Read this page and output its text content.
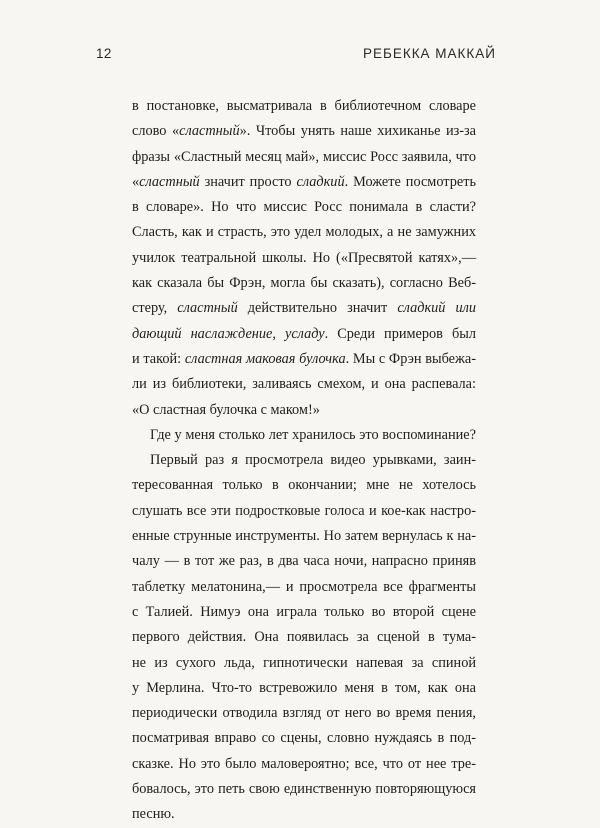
12	РЕБЕККА МАККАЙ
в постановке, высматривала в библиотечном словаре
слово «сластный». Чтобы унять наше хихиканье из-за
фразы «Сластный месяц май», миссис Росс заявила, что
«сластный значит просто сладкий. Можете посмотреть
в словаре». Но что миссис Росс понимала в сласти?
Сласть, как и страсть, это удел молодых, а не замужних
училок театральной школы. Но («Пресвятой катях»,—
как сказала бы Фрэн, могла бы сказать), согласно Веб-
стеру, сластный действительно значит сладкий или
дающий наслаждение, усладу. Среди примеров был
и такой: сластная маковая булочка. Мы с Фрэн выбежа-
ли из библиотеки, заливаясь смехом, и она распевала:
«О сластная булочка с маком!»
Где у меня столько лет хранилось это воспоминание?
Первый раз я просмотрела видео урывками, заин-
тересованная только в окончании; мне не хотелось
слушать все эти подростковые голоса и кое-как настро-
енные струнные инструменты. Но затем вернулась к на-
чалу — в тот же раз, в два часа ночи, напрасно приняв
таблетку мелатонина,— и просмотрела все фрагменты
с Талией. Нимуэ она играла только во второй сцене
первого действия. Она появилась за сценой в тума-
не из сухого льда, гипнотически напевая за спиной
у Мерлина. Что-то встревожило меня в том, как она
периодически отводила взгляд от него во время пения,
посматривая вправо со сцены, словно нуждаясь в под-
сказке. Но это было маловероятно; все, что от нее тре-
бовалось, это петь свою единственную повторяющуюся
песню.
